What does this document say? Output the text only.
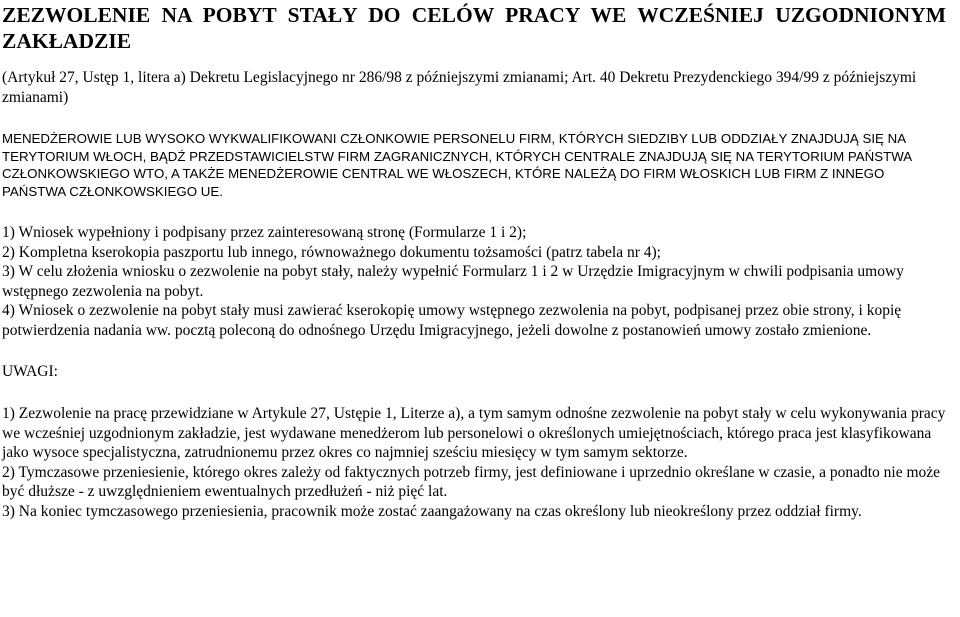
ZEZWOLENIE NA POBYT STAŁY DO CELÓW PRACY WE WCZEŚNIEJ UZGODNIONYM ZAKŁADZIE

(Artykuł 27, Ustęp 1, litera a) Dekretu Legislacyjnego nr 286/98 z późniejszymi zmianami; Art. 40 Dekretu Prezydenckiego 394/99 z późniejszymi zmianami)

MENEDŻEROWIE LUB WYSOKO WYKWALIFIKOWANI CZŁONKOWIE PERSONELU FIRM, KTÓRYCH SIEDZIBY LUB ODDZIAŁY ZNAJDUJĄ SIĘ NA TERYTORIUM WŁOCH, BĄDŹ PRZEDSTAWICIELSTW FIRM ZAGRANICZNYCH, KTÓRYCH CENTRALE ZNAJDUJĄ SIĘ NA TERYTORIUM PAŃSTWA CZŁONKOWSKIEGO WTO, A TAKŻE MENEDŻEROWIE CENTRAL WE WŁOSZECH, KTÓRE NALEŻĄ DO FIRM WŁOSKICH LUB FIRM Z INNEGO PAŃSTWA CZŁONKOWSKIEGO UE.

1) Wniosek wypełniony i podpisany przez zainteresowaną stronę (Formularze 1 i 2);
2) Kompletna kserokopia paszportu lub innego, równoważnego dokumentu tożsamości (patrz tabela nr 4);
3) W celu złożenia wniosku o zezwolenie na pobyt stały, należy wypełnić Formularz 1 i 2 w Urzędzie Imigracyjnym w chwili podpisania umowy wstępnego zezwolenia na pobyt.
4) Wniosek o zezwolenie na pobyt stały musi zawierać kserokopię umowy wstępnego zezwolenia na pobyt, podpisanej przez obie strony, i kopię potwierdzenia nadania ww. pocztą poleconą do odnośnego Urzędu Imigracyjnego, jeżeli dowolne z postanowień umowy zostało zmienione.

UWAGI:

1) Zezwolenie na pracę przewidziane w Artykule 27, Ustępie 1, Literze a), a tym samym odnośne zezwolenie na pobyt stały w celu wykonywania pracy we wcześniej uzgodnionym zakładzie, jest wydawane menedżerom lub personelowi o określonych umiejętnościach, którego praca jest klasyfikowana jako wysoce specjalistyczna, zatrudnionemu przez okres co najmniej sześciu miesięcy w tym samym sektorze.
2) Tymczasowe przeniesienie, którego okres zależy od faktycznych potrzeb firmy, jest definiowane i uprzednio określane w czasie, a ponadto nie może być dłuższe - z uwzględnieniem ewentualnych przedłużeń - niż pięć lat.
3) Na koniec tymczasowego przeniesienia, pracownik może zostać zaangażowany na czas określony lub nieokreślony przez oddział firmy.
